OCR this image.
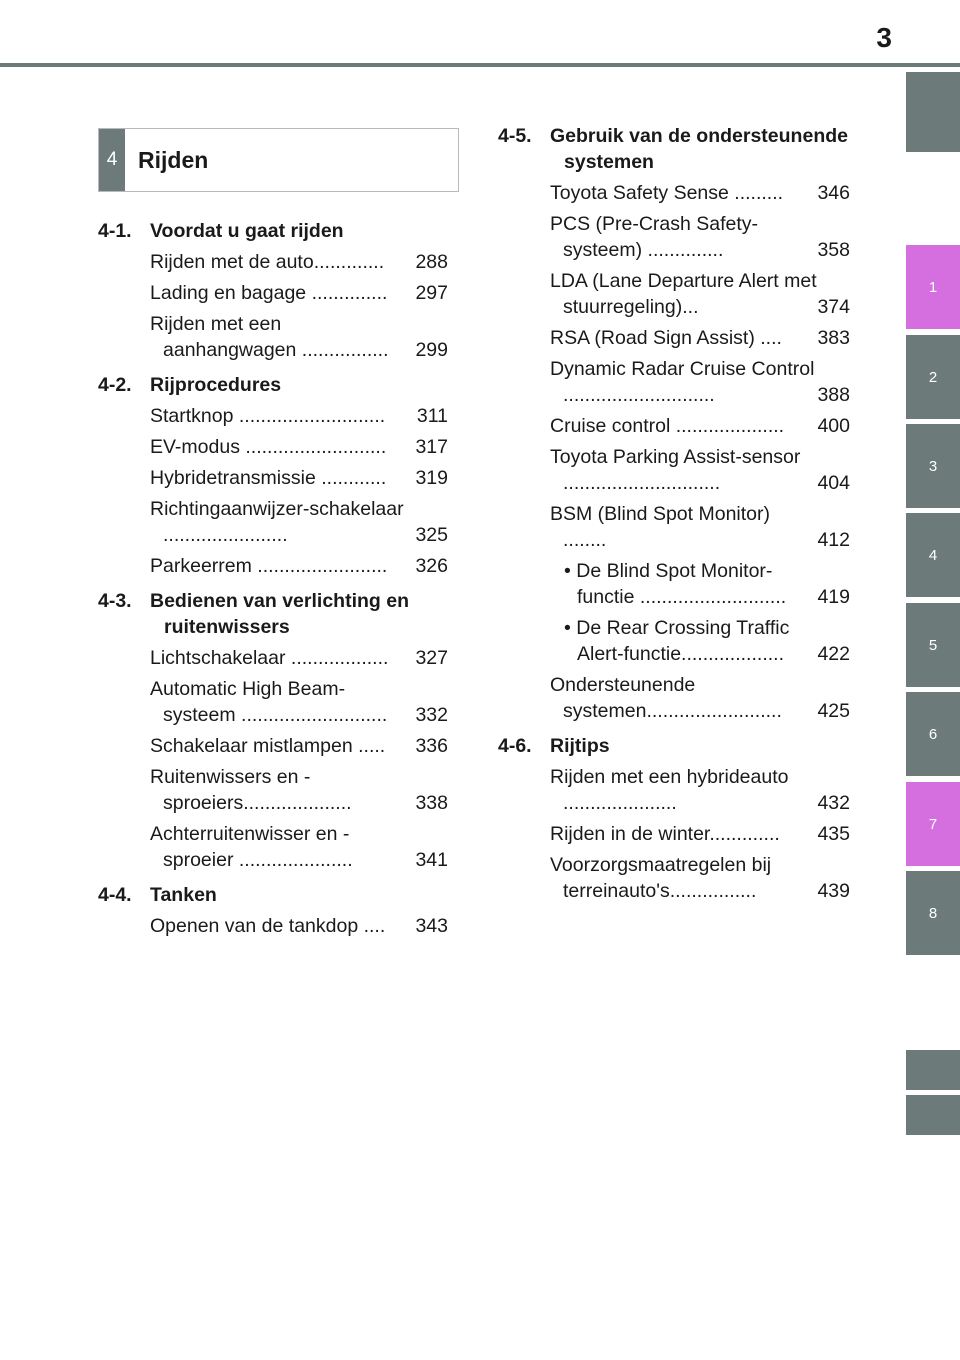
3
1
2
3
4
5
6
7
8
4 Rijden
4-1. Voordat u gaat rijden
Rijden met de auto.............	288
Lading en bagage ..............	297
Rijden met een aanhangwagen ................	299
4-2. Rijprocedures
Startknop ...........................	311
EV-modus ..........................	317
Hybridetransmissie ............	319
Richtingaanwijzer-schakelaar .......................	325
Parkeerrem ........................	326
4-3. Bedienen van verlichting en ruitenwissers
Lichtschakelaar ..................	327
Automatic High Beam-systeem ...........................	332
Schakelaar mistlampen .....	336
Ruitenwissers en -sproeiers....................	338
Achterruitenwisser en -sproeier .....................	341
4-4. Tanken
Openen van de tankdop ....	343
4-5. Gebruik van de ondersteunende systemen
Toyota Safety Sense .........	346
PCS (Pre-Crash Safety-systeem) ..............	358
LDA (Lane Departure Alert met stuurregeling)...	374
RSA (Road Sign Assist) ....	383
Dynamic Radar Cruise Control ............................	388
Cruise control ....................	400
Toyota Parking Assist-sensor .............................	404
BSM (Blind Spot Monitor) ........	412
• De Blind Spot Monitor-functie ...........................	419
• De Rear Crossing Traffic Alert-functie...................	422
Ondersteunende systemen.........................	425
4-6. Rijtips
Rijden met een hybrideauto .....................	432
Rijden in de winter.............	435
Voorzorgsmaatregelen bij terreinauto's................	439
